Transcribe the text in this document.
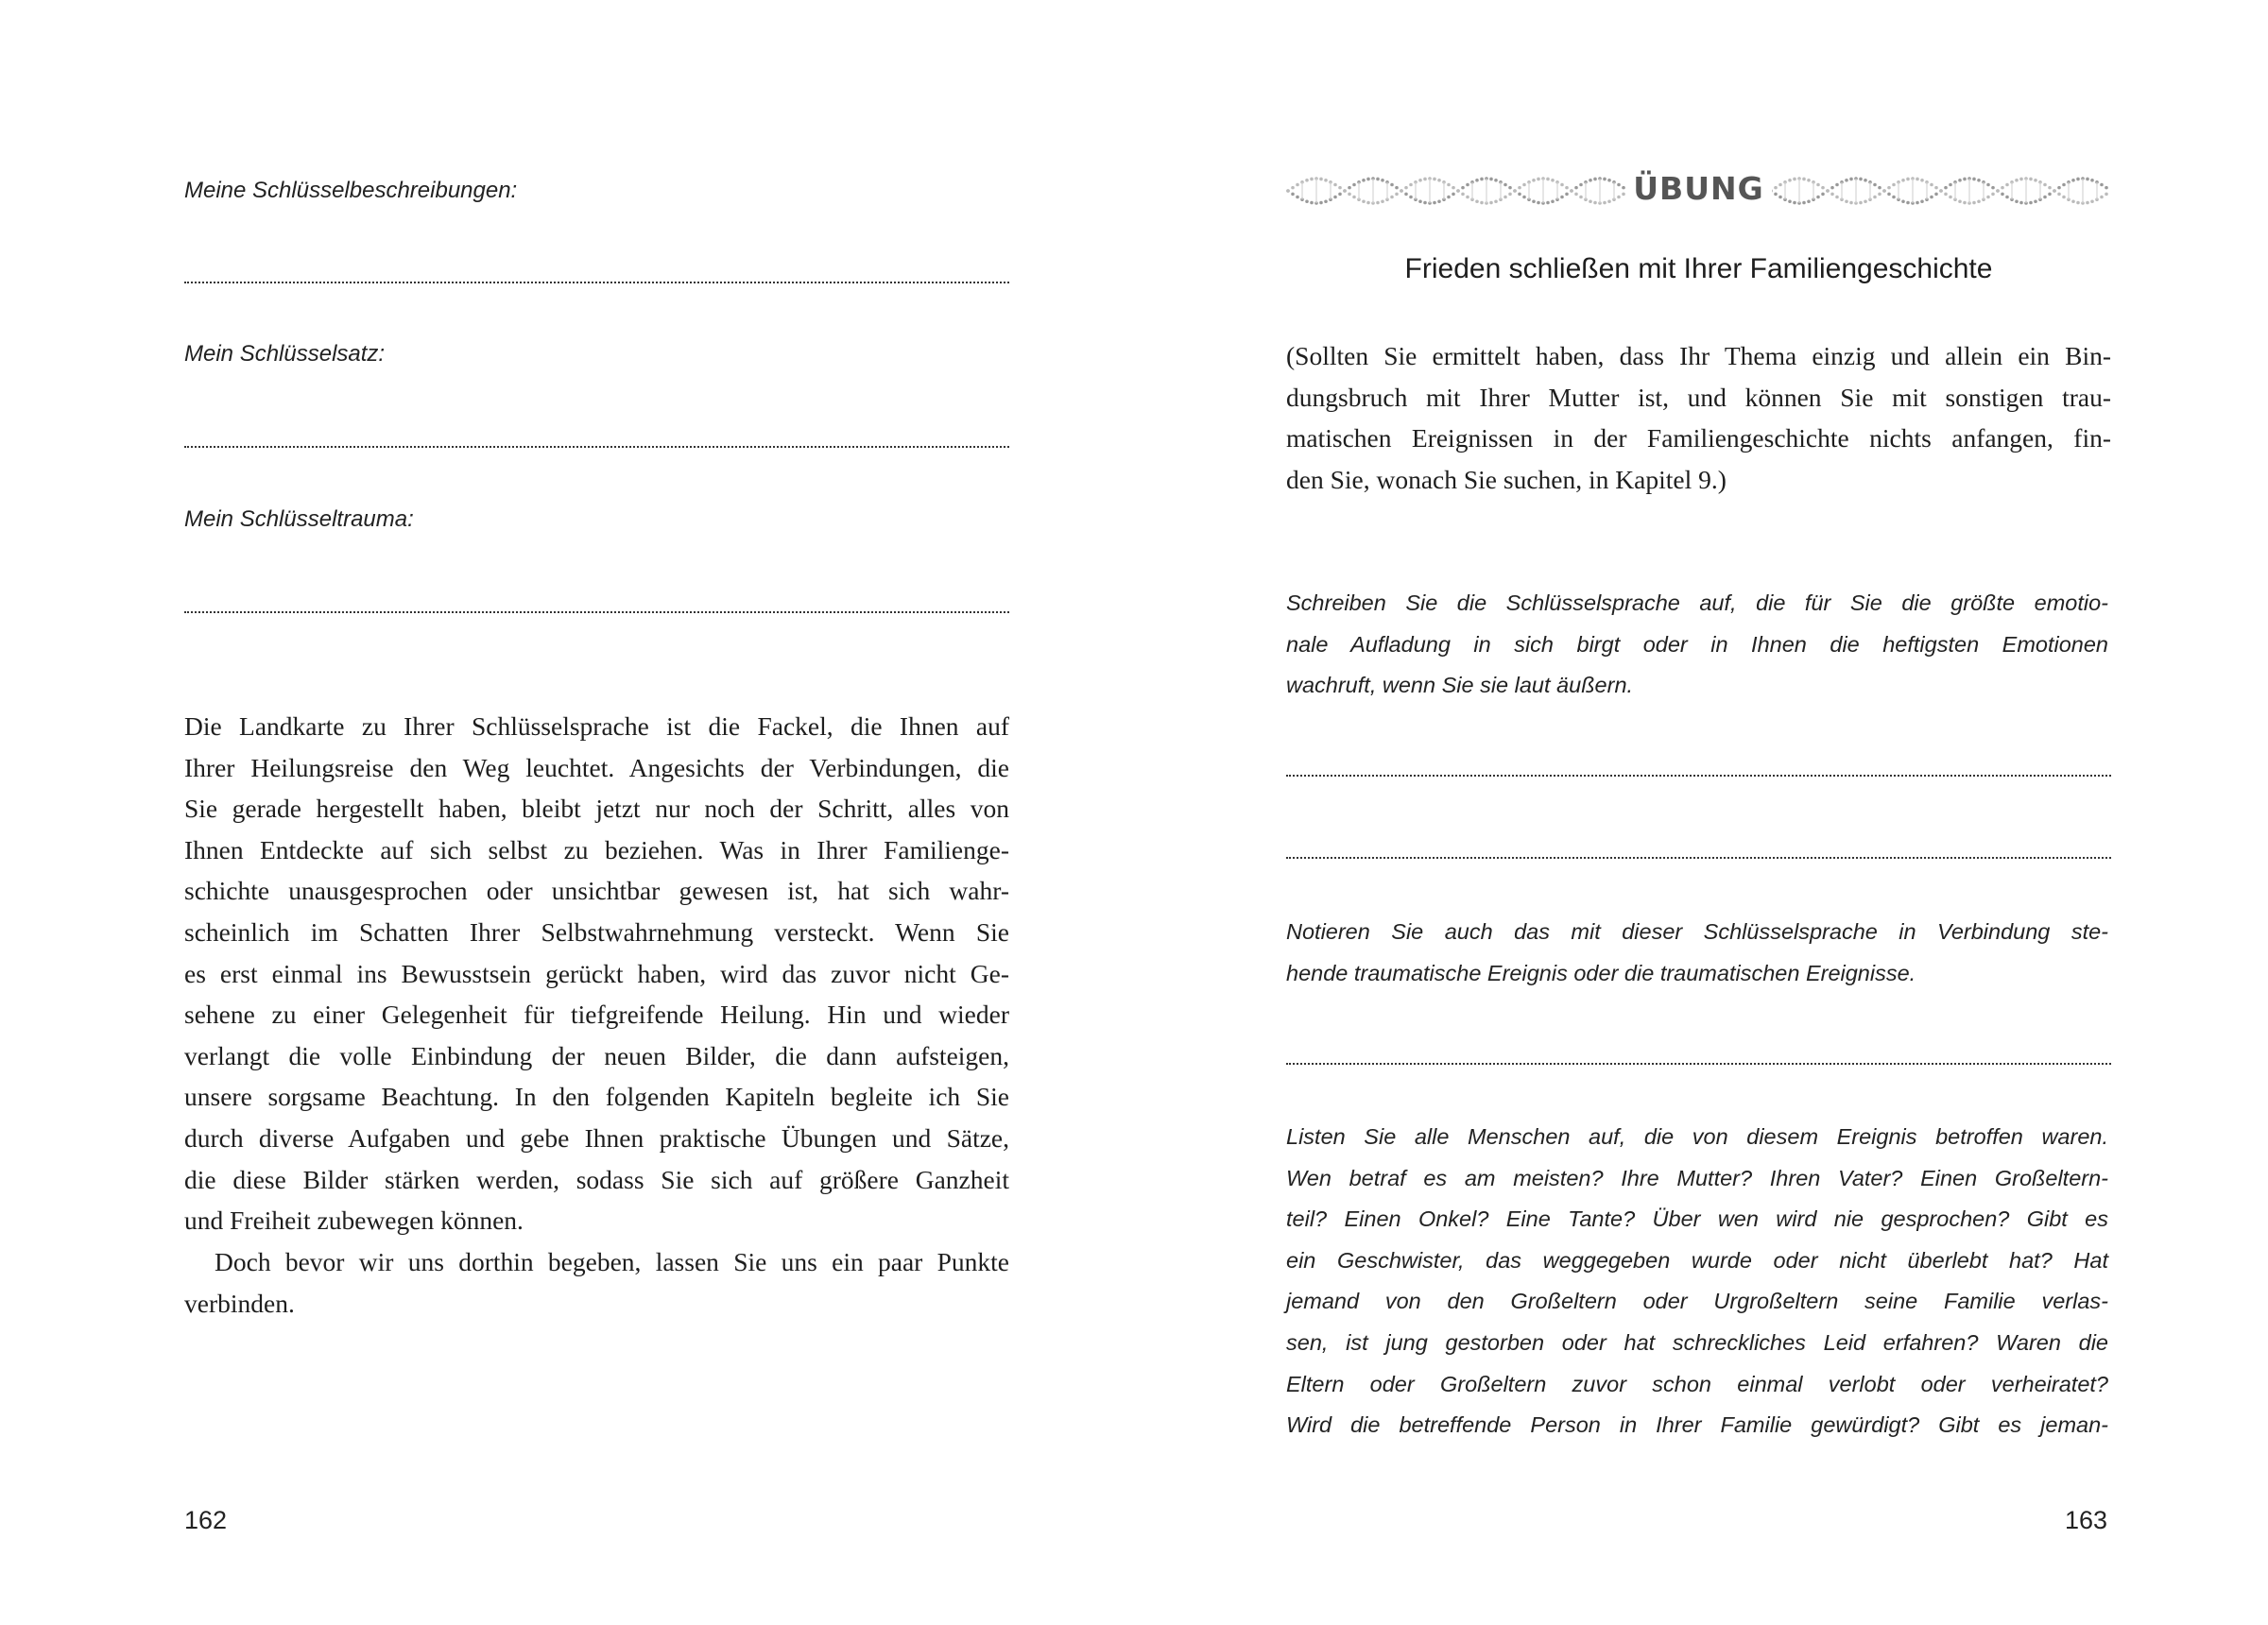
Meine Schlüsselbeschreibungen:
Mein Schlüsselsatz:
Mein Schlüsseltrauma:
Die Landkarte zu Ihrer Schlüsselsprache ist die Fackel, die Ihnen auf
Ihrer Heilungsreise den Weg leuchtet. Angesichts der Verbindungen, die
Sie gerade hergestellt haben, bleibt jetzt nur noch der Schritt, alles von
Ihnen Entdeckte auf sich selbst zu beziehen. Was in Ihrer Familienge-
schichte unausgesprochen oder unsichtbar gewesen ist, hat sich wahr-
scheinlich im Schatten Ihrer Selbstwahrnehmung versteckt. Wenn Sie
es erst einmal ins Bewusstsein gerückt haben, wird das zuvor nicht Ge-
sehene zu einer Gelegenheit für tiefgreifende Heilung. Hin und wieder
verlangt die volle Einbindung der neuen Bilder, die dann aufsteigen,
unsere sorgsame Beachtung. In den folgenden Kapiteln begleite ich Sie
durch diverse Aufgaben und gebe Ihnen praktische Übungen und Sätze,
die diese Bilder stärken werden, sodass Sie sich auf größere Ganzheit
und Freiheit zubewegen können.
Doch bevor wir uns dorthin begeben, lassen Sie uns ein paar Punkte
verbinden.
162
ÜBUNG
Frieden schließen mit Ihrer Familiengeschichte
(Sollten Sie ermittelt haben, dass Ihr Thema einzig und allein ein Bin-
dungsbruch mit Ihrer Mutter ist, und können Sie mit sonstigen trau-
matischen Ereignissen in der Familiengeschichte nichts anfangen, fin-
den Sie, wonach Sie suchen, in Kapitel 9.)
Schreiben Sie die Schlüsselsprache auf, die für Sie die größte emotio-
nale Aufladung in sich birgt oder in Ihnen die heftigsten Emotionen
wachruft, wenn Sie sie laut äußern.
Notieren Sie auch das mit dieser Schlüsselsprache in Verbindung ste-
hende traumatische Ereignis oder die traumatischen Ereignisse.
Listen Sie alle Menschen auf, die von diesem Ereignis betroffen waren.
Wen betraf es am meisten? Ihre Mutter? Ihren Vater? Einen Großeltern-
teil? Einen Onkel? Eine Tante? Über wen wird nie gesprochen? Gibt es
ein Geschwister, das weggegeben wurde oder nicht überlebt hat? Hat
jemand von den Großeltern oder Urgroßeltern seine Familie verlas-
sen, ist jung gestorben oder hat schreckliches Leid erfahren? Waren die
Eltern oder Großeltern zuvor schon einmal verlobt oder verheiratet?
Wird die betreffende Person in Ihrer Familie gewürdigt? Gibt es jeman-
163
